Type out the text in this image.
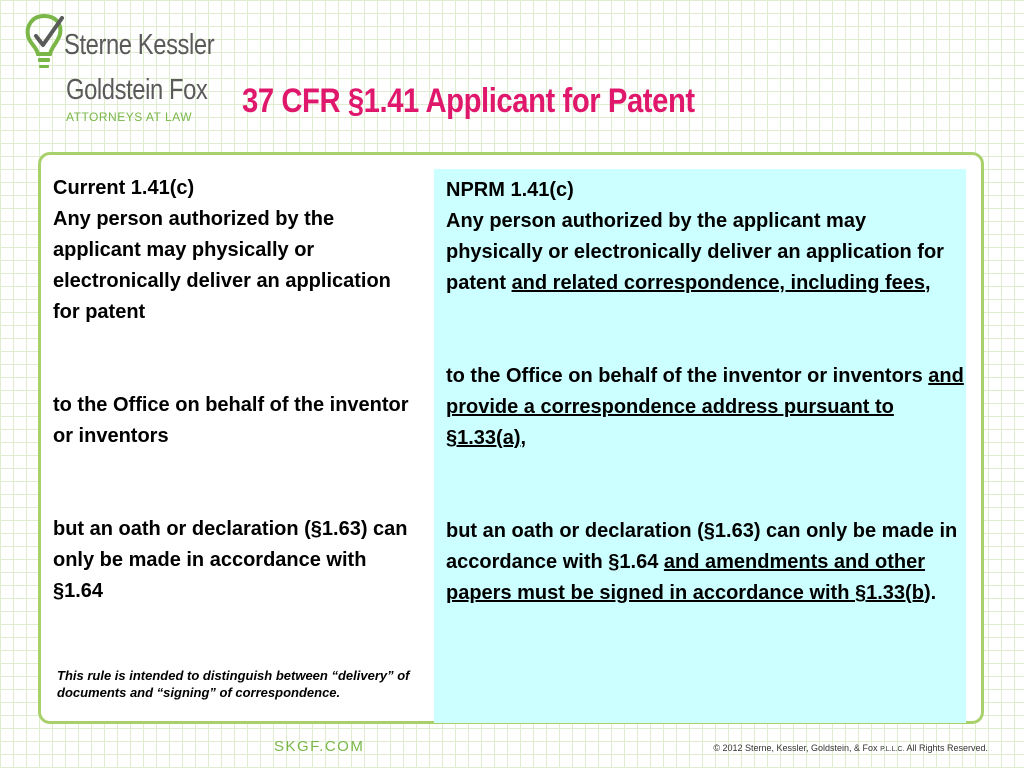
Sterne Kessler
Goldstein Fox
ATTORNEYS AT LAW 37 CFR §1.41 Applicant for Patent

Current 1.41(c)

Any person authorized by the applicant may physically or electronically deliver an application for patent

to the Office on behalf of the inventor or inventors

but an oath or declaration (§1.63) can only be made in accordance with §1.64

This rule is intended to distinguish between “delivery” of documents and “signing” of correspondence.

NPRM 1.41(c)

Any person authorized by the applicant may physically or electronically deliver an application for patent and related correspondence, including fees,

to the Office on behalf of the inventor or inventors and provide a correspondence address pursuant to §1.33(a),

but an oath or declaration (§1.63) can only be made in accordance with §1.64 and amendments and other papers must be signed in accordance with §1.33(b).

SKGF.COM	© 2012 Sterne, Kessler, Goldstein, & Fox P.L.L.C. All Rights Reserved.
